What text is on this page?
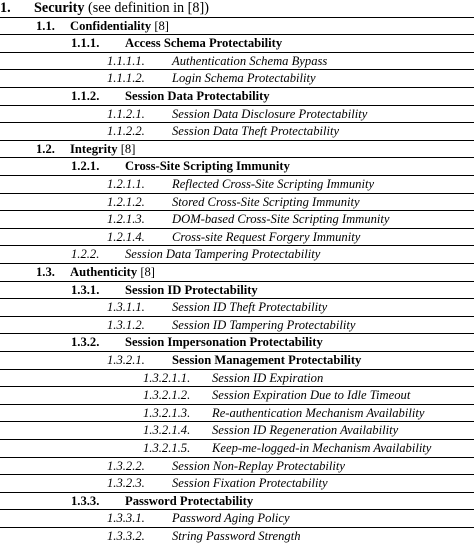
1. Security (see definition in [8])
1.1. Confidentiality [8]
1.1.1. Access Schema Protectability
1.1.1.1. Authentication Schema Bypass
1.1.1.2. Login Schema Protectability
1.1.2. Session Data Protectability
1.1.2.1. Session Data Disclosure Protectability
1.1.2.2. Session Data Theft Protectability
1.2. Integrity [8]
1.2.1. Cross-Site Scripting Immunity
1.2.1.1. Reflected Cross-Site Scripting Immunity
1.2.1.2. Stored Cross-Site Scripting Immunity
1.2.1.3. DOM-based Cross-Site Scripting Immunity
1.2.1.4. Cross-site Request Forgery Immunity
1.2.2. Session Data Tampering Protectability
1.3. Authenticity [8]
1.3.1. Session ID Protectability
1.3.1.1. Session ID Theft Protectability
1.3.1.2. Session ID Tampering Protectability
1.3.2. Session Impersonation Protectability
1.3.2.1. Session Management Protectability
1.3.2.1.1. Session ID Expiration
1.3.2.1.2. Session Expiration Due to Idle Timeout
1.3.2.1.3. Re-authentication Mechanism Availability
1.3.2.1.4. Session ID Regeneration Availability
1.3.2.1.5. Keep-me-logged-in Mechanism Availability
1.3.2.2. Session Non-Replay Protectability
1.3.2.3. Session Fixation Protectability
1.3.3. Password Protectability
1.3.3.1. Password Aging Policy
1.3.3.2. String Password Strength
